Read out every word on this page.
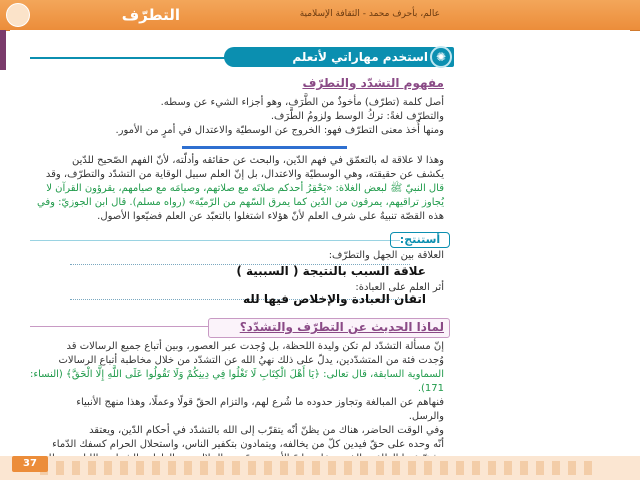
عالم، بأحرف محمد - الثقافة الإسلامية
التطرّف
استخدم مهاراتي لأتعلم ✺
مفهوم التشدّد والتطرّف

أصل كلمة (تطرّف) مأخوذٌ من الطَّرَف، وهو أجزاء الشيء عن وسطه.

والتطرّف لغةً: تركُ الوسط ولزومُ الطَّرَف.

ومنها أُخذ معنى التطرّف فهو: الخروج عن الوسطيّة والاعتدال في أمرٍ من الأمور.

وهذا لا علاقة له بالتعمّق في فهم الدّين، والبحث عن حقائقه وأدلّته، لأنّ الفهم الصّحيح للدّين

يكشف عن حقيقته، وهي الوسطيّة والاعتدال، بل إنّ العلم سبيل الوقاية من التشدّد والتطرّف، وقد

قال النبيّ ﷺ لبعض الغلاة: «يَحْقِرُ أحدكم صلاتَه مع صلاتهم، وصيامَه مع صيامهم، يقرؤون القرآن لا

يُجاوز تراقيهم، يمرقون من الدّين كما يمرق السّهم من الرّميّة» (رواه مسلم). قال ابن الجوزيّ: وفي

هذه القصّة تنبيهٌ على شرف العلم لأنّ هؤلاء اشتغلوا بالتعبّد عن العلم فضيّعوا الأصول.

أستنتج:
العلاقة بين الجهل والتطرّف:
علاقة السبب بالنتيجة ( السببية )
أثر العلم على العبادة:
اتقان العبادة والإخلاص فيها لله
لماذا الحديث عن التطرّف والتشدّد؟

إنّ مسألة التشدّد لم تكن وليدة اللحظة، بل وُجدت عبر العصور، وبين أتباع جميع الرسالات قد

وُجدت فئة من المتشدّدين، يدلّ على ذلك نهيُ الله عن التشدّد من خلال مخاطبة أتباع الرسالات

السماوية السابقة، قال تعالى: ﴿يَا أَهْلَ الْكِتَابِ لَا تَغْلُوا فِي دِينِكُمْ وَلَا تَقُولُوا عَلَى اللَّهِ إِلَّا الْحَقَّ﴾ (النساء: 171).

فنهاهم عن المبالغة وتجاوز حدوده ما شُرع لهم، والتزام الحقّ قولًا وعملًا، وهذا منهج الأنبياء

والرسل.

وفي الوقت الحاضر، هناك من يظنّ أنّه يتقرّب إلى الله بالتشدّد في أحكام الدّين، ويعتقد

أنّه وحده على حقّ فيدين كلّ من يخالفه، ويتمادون بتكفير الناس، واستحلال الحرام كسفك الدّماء

37
